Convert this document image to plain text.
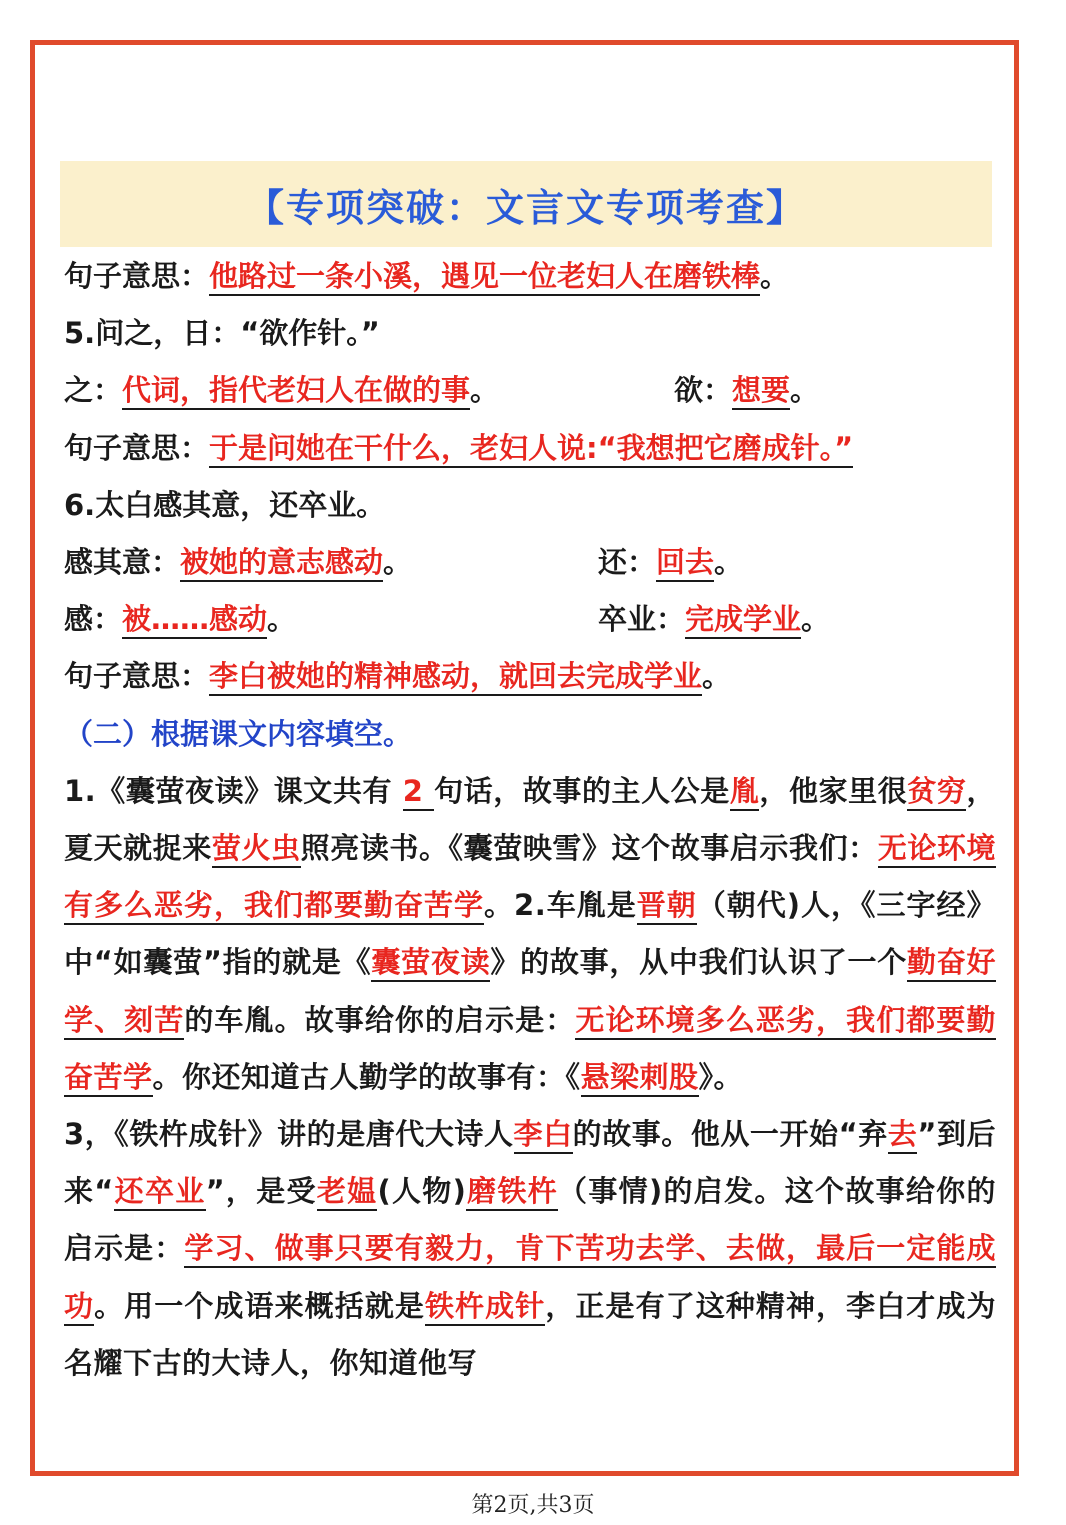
【专项突破：文言文专项考查】
句子意思：他路过一条小溪，遇见一位老妇人在磨铁棒。
5.问之，日：“欲作针。”
之：代词，指代老妇人在做的事。	欲：想要。
句子意思：于是问她在干什么，老妇人说:“我想把它磨成针。”
6.太白感其意，还卒业。
感其意：被她的意志感动。	还：回去。
感：被……感动。	卒业：完成学业。
句子意思：李白被她的精神感动，就回去完成学业。
（二）根据课文内容填空。
1.《囊萤夜读》课文共有 2 句话，故事的主人公是胤，他家里很贫穷，夏天就捉来萤火虫照亮读书。《囊萤映雪》这个故事启示我们：无论环境有多么恶劣，我们都要勤奋苦学。2.车胤是晋朝（朝代)人，《三字经》中“如囊萤”指的就是《囊萤夜读》的故事，从中我们认识了一个勤奋好学、刻苦的车胤。故事给你的启示是：无论环境多么恶劣，我们都要勤奋苦学。你还知道古人勤学的故事有：《悬梁刺股》。
3，《铁杵成针》讲的是唐代大诗人李白的故事。他从一开始“弃去”到后来“还卒业”，是受老媪(人物)磨铁杵（事情)的启发。这个故事给你的启示是：学习、做事只要有毅力，肯下苦功去学、去做，最后一定能成功。用一个成语来概括就是铁杵成针，正是有了这种精神，李白才成为名耀下古的大诗人，你知道他写
第2页,共3页
